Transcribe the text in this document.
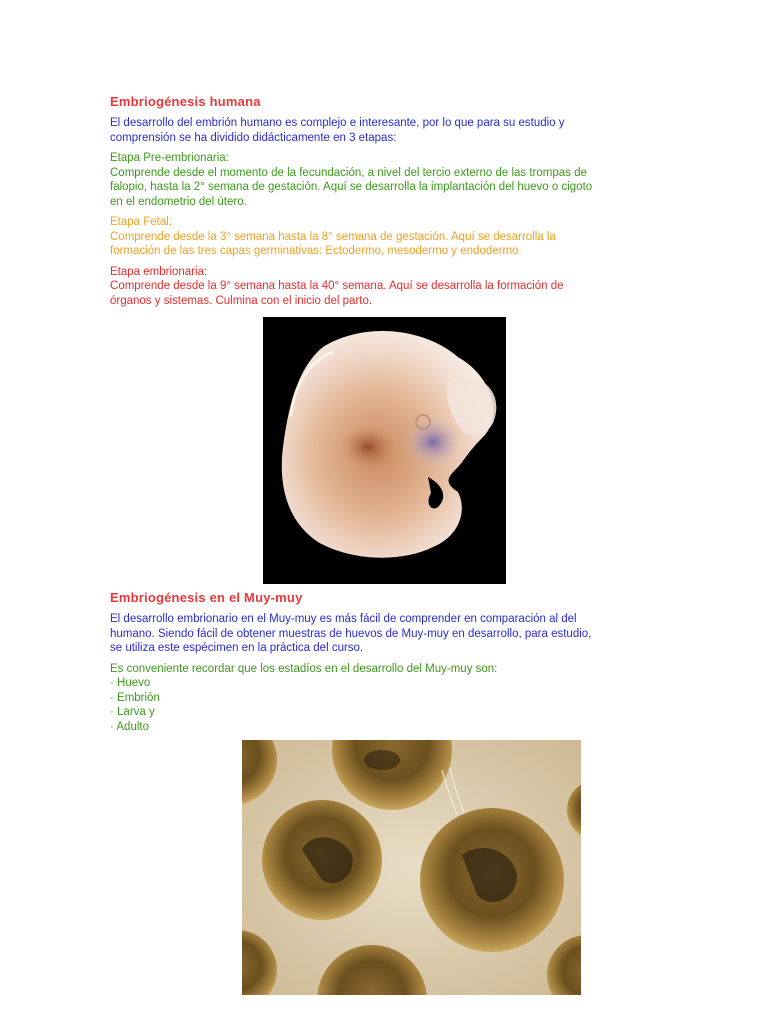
Embriogénesis humana
El desarrollo del embrión humano es complejo e interesante, por lo que para su estudio y
comprensión se ha dividido didácticamente en 3 etapas:
Etapa Pre-embrionaria:
Comprende desde el momento de la fecundación, a nivel del tercio externo de las trompas de
falopio, hasta la 2° semana de gestación. Aquí se desarrolla la implantación del huevo o cigoto
en el endometrio del útero.
Etapa Fetal:
Comprende desde la 3° semana hasta la 8° semana de gestación. Aquí se desarrolla la
formación de las tres capas germinativas: Ectodermo, mesodermo y endodermo.
Etapa embrionaria:
Comprende desde la 9° semana hasta la 40° semana. Aquí se desarrolla la formación de
órganos y sistemas. Culmina con el inicio del parto.
Embriogénesis en el Muy-muy
El desarrollo embrionario en el Muy-muy es más fácil de comprender en comparación al del
humano. Siendo fácil de obtener muestras de huevos de Muy-muy en desarrollo, para estudio,
se utiliza este espécimen en la práctica del curso.
Es conveniente recordar que los estadíos en el desarrollo del Muy-muy son:
· Huevo
· Embrión
· Larva y
· Adulto
